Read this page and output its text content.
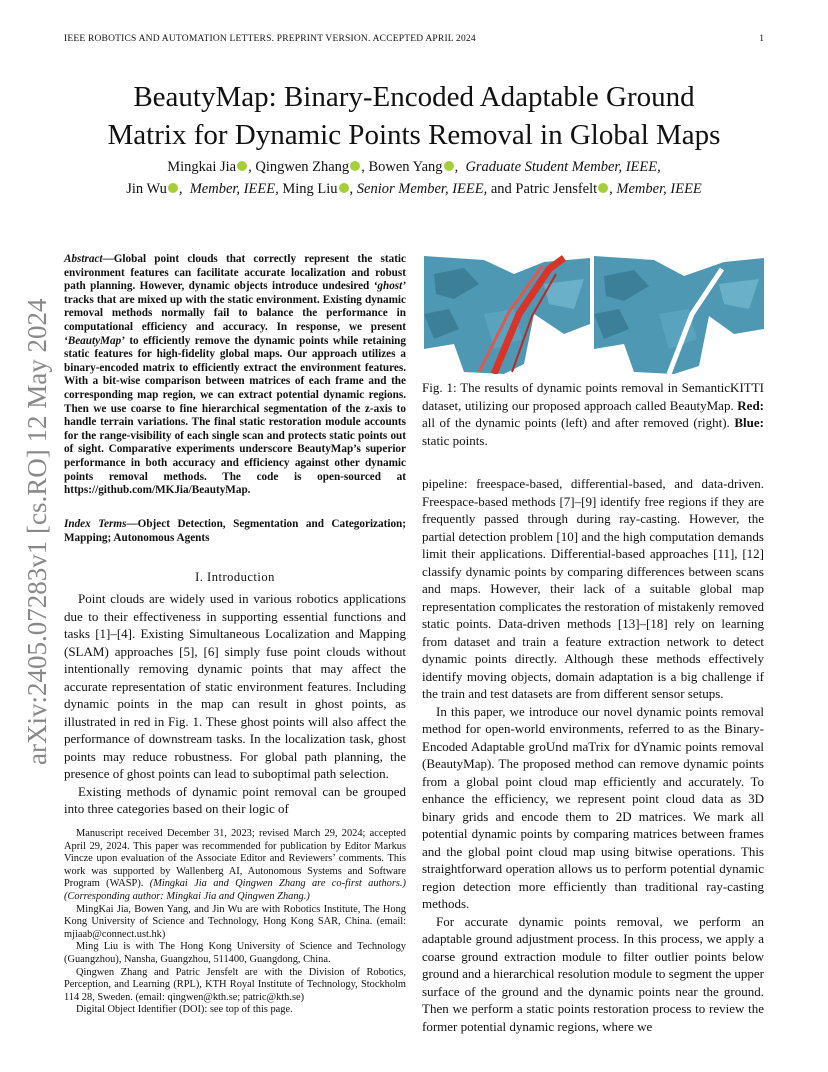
IEEE ROBOTICS AND AUTOMATION LETTERS. PREPRINT VERSION. ACCEPTED APRIL 2024	1
arXiv:2405.07283v1 [cs.RO] 12 May 2024
BeautyMap: Binary-Encoded Adaptable Ground
Matrix for Dynamic Points Removal in Global Maps
Mingkai Jia , Qingwen Zhang , Bowen Yang ,  Graduate Student Member, IEEE,
Jin Wu ,  Member, IEEE, Ming Liu , Senior Member, IEEE, and Patric Jensfelt , Member, IEEE
Abstract—Global point clouds that correctly represent the static environment features can facilitate accurate localization and robust path planning. However, dynamic objects introduce undesired ‘ghost’ tracks that are mixed up with the static environment. Existing dynamic removal methods normally fail to balance the performance in computational efficiency and accuracy. In response, we present ‘BeautyMap’ to efficiently remove the dynamic points while retaining static features for high-fidelity global maps. Our approach utilizes a binary-encoded matrix to efficiently extract the environment features. With a bit-wise comparison between matrices of each frame and the corresponding map region, we can extract potential dynamic regions. Then we use coarse to fine hierarchical segmentation of the z-axis to handle terrain variations. The final static restoration module accounts for the range-visibility of each single scan and protects static points out of sight. Comparative experiments underscore BeautyMap’s superior performance in both accuracy and efficiency against other dynamic points removal methods. The code is open-sourced at https://github.com/MKJia/BeautyMap.
Index Terms—Object Detection, Segmentation and Categorization; Mapping; Autonomous Agents
I. Introduction

Point clouds are widely used in various robotics applications due to their effectiveness in supporting essential functions and tasks [1]–[4]. Existing Simultaneous Localization and Mapping (SLAM) approaches [5], [6] simply fuse point clouds without intentionally removing dynamic points that may affect the accurate representation of static environment features. Including dynamic points in the map can result in ghost points, as illustrated in red in Fig. 1. These ghost points will also affect the performance of downstream tasks. In the localization task, ghost points may reduce robustness. For global path planning, the presence of ghost points can lead to suboptimal path selection.

Existing methods of dynamic point removal can be grouped into three categories based on their logic of

Manuscript received December 31, 2023; revised March 29, 2024; accepted April 29, 2024. This paper was recommended for publication by Editor Markus Vincze upon evaluation of the Associate Editor and Reviewers’ comments. This work was supported by Wallenberg AI, Autonomous Systems and Software Program (WASP). (Mingkai Jia and Qingwen Zhang are co-first authors.) (Corresponding author: Mingkai Jia and Qingwen Zhang.)

MingKai Jia, Bowen Yang, and Jin Wu are with Robotics Institute, The Hong Kong University of Science and Technology, Hong Kong SAR, China. (email: mjiaab@connect.ust.hk)

Ming Liu is with The Hong Kong University of Science and Technology (Guangzhou), Nansha, Guangzhou, 511400, Guangdong, China.

Qingwen Zhang and Patric Jensfelt are with the Division of Robotics, Perception, and Learning (RPL), KTH Royal Institute of Technology, Stockholm 114 28, Sweden. (email: qingwen@kth.se; patric@kth.se)

Digital Object Identifier (DOI): see top of this page.

Fig. 1: The results of dynamic points removal in SemanticKITTI dataset, utilizing our proposed approach called BeautyMap. Red: all of the dynamic points (left) and after removed (right). Blue: static points.

pipeline: freespace-based, differential-based, and data-driven. Freespace-based methods [7]–[9] identify free regions if they are frequently passed through during ray-casting. However, the partial detection problem [10] and the high computation demands limit their applications. Differential-based approaches [11], [12] classify dynamic points by comparing differences between scans and maps. However, their lack of a suitable global map representation complicates the restoration of mistakenly removed static points. Data-driven methods [13]–[18] rely on learning from dataset and train a feature extraction network to detect dynamic points directly. Although these methods effectively identify moving objects, domain adaptation is a big challenge if the train and test datasets are from different sensor setups.

In this paper, we introduce our novel dynamic points removal method for open-world environments, referred to as the Binary-Encoded Adaptable groUnd maTrix for dYnamic points removal (BeautyMap). The proposed method can remove dynamic points from a global point cloud map efficiently and accurately. To enhance the efficiency, we represent point cloud data as 3D binary grids and encode them to 2D matrices. We mark all potential dynamic points by comparing matrices between frames and the global point cloud map using bitwise operations. This straightforward operation allows us to perform potential dynamic region detection more efficiently than traditional ray-casting methods.

For accurate dynamic points removal, we perform an adaptable ground adjustment process. In this process, we apply a coarse ground extraction module to filter outlier points below ground and a hierarchical resolution module to segment the upper surface of the ground and the dynamic points near the ground. Then we perform a static points restoration process to review the former potential dynamic regions, where we
